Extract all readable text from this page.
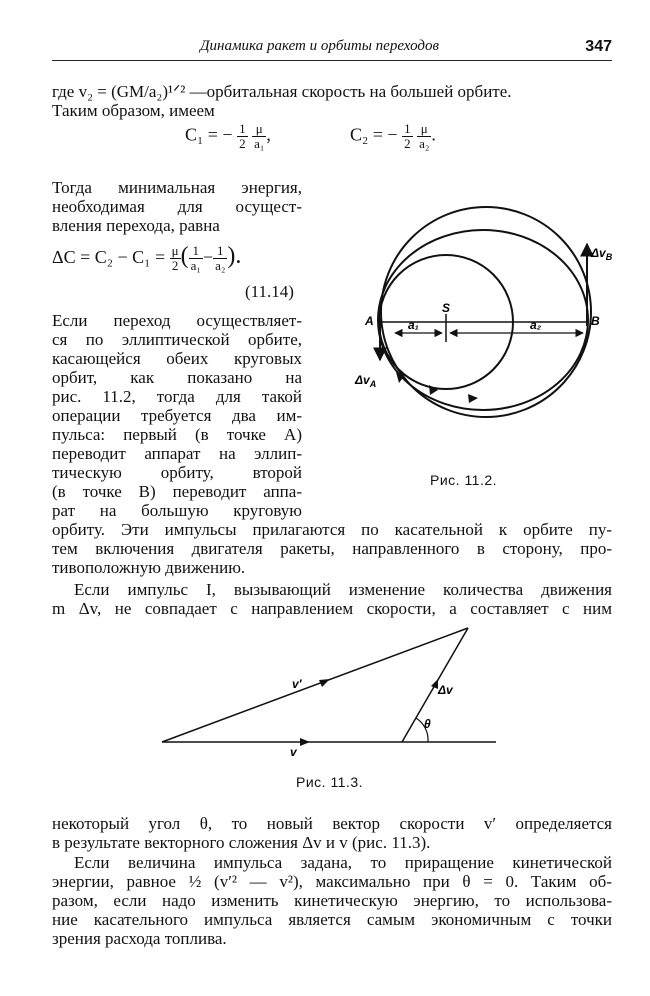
Динамика ракет и орбиты переходов	347
где v₂ = (GM/a₂)¹ᐟ² —орбитальная скорость на большей орбите.
Таким образом, имеем
C₁ = − $\frac{1}{2}$
$\frac{\mu}{\text{a₁}}$ ,	C₂ = − $\frac{1}{2}$
$\frac{\mu}{\text{a₂}}$ .
Тогда минимальная энергия,
необходимая для осущест-
вления перехода, равна
$\Delta C = C_2 - C_1 = \frac{\mu}{2}$ ( $\frac{1}{\text{a₁}} - \frac{1}{\text{a₂}}$ ).
(11.14)
Если переход осуществляет-
ся по эллиптической орбите,
касающейся обеих круговых
орбит, как показано на
рис. 11.2, тогда для такой
операции требуется два им-
пульса: первый (в точке A)
переводит аппарат на эллип-
тическую орбиту, второй
(в точке B) переводит аппа-
рат на большую круговую
орбиту. Эти импульсы прилагаются по касательной к орбите пу-
тем включения двигателя ракеты, направленного в сторону, про-
тивоположную движению.
Если импульс I, вызывающий изменение количества движения
m Δv, не совпадает с направлением скорости, а составляет с ним
A	B
S
a₁	a₂
$\Delta v_A$
$\Delta v_B$
Рис. 11.2.
v
v′	Δv
θ
Рис. 11.3.
некоторый угол θ, то новый вектор скорости v′ определяется
в результате векторного сложения Δv и v (рис. 11.3).
Если величина импульса задана, то приращение кинетической
энергии, равное ½ (v′² — v²), максимально при θ = 0. Таким об-
разом, если надо изменить кинетическую энергию, то использова-
ние касательного импульса является самым экономичным с точки
зрения расхода топлива.
